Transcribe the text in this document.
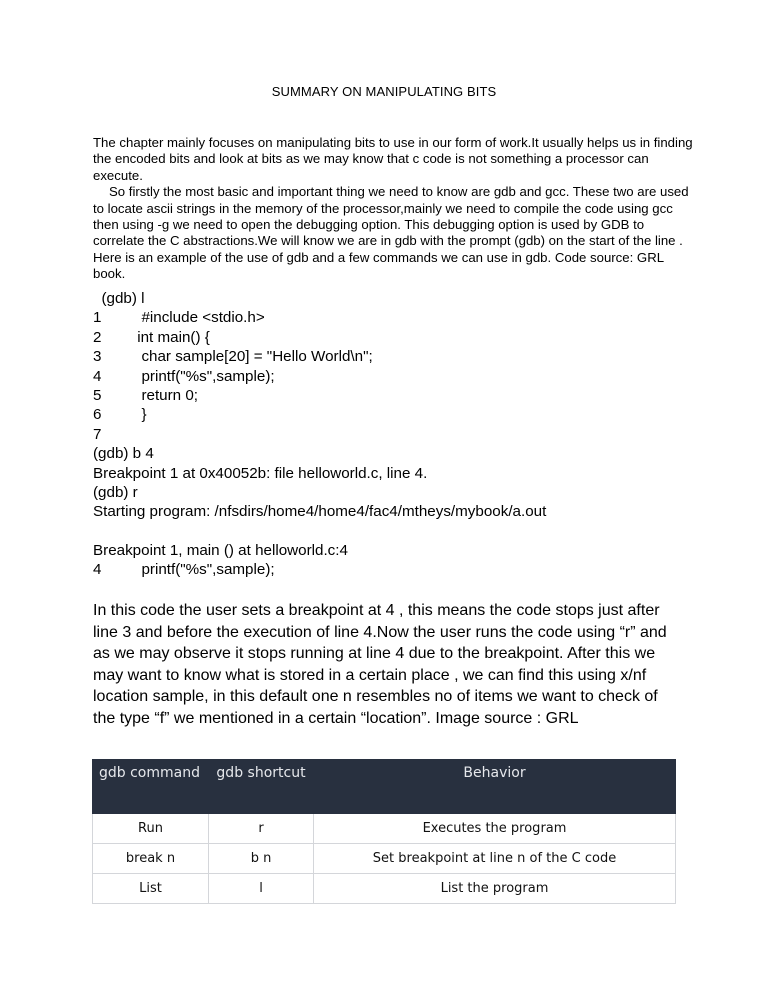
SUMMARY ON MANIPULATING BITS

The chapter mainly focuses on manipulating bits to use in our form of work.It usually helps us in finding the encoded bits and look at bits as we may know that c code is not something a processor can execute.

So firstly the most basic and important thing we need to know are gdb and gcc. These two are used to locate ascii strings in the memory of the processor,mainly we need to compile the code using gcc then using -g we need to open the debugging option. This debugging option is used by GDB to correlate the C abstractions.We will know we are in gdb with the prompt (gdb) on the start of the line . Here is an example of the use of gdb and a few commands we can use in gdb. Code source: GRL book.

(gdb) l
1  #include <stdio.h>
2 int main() {
3  char sample[20] = "Hello World\n";
4  printf("%s",sample);
5  return 0;
6  }
7
(gdb) b 4
Breakpoint 1 at 0x40052b: file helloworld.c, line 4.
(gdb) r
Starting program: /nfsdirs/home4/home4/fac4/mtheys/mybook/a.out
Breakpoint 1, main () at helloworld.c:4
4  printf("%s",sample);

In this code the user sets a breakpoint at 4 , this means the code stops just after line 3 and before the execution of line 4.Now the user runs the code using “r” and as we may observe it stops running at line 4 due to the breakpoint. After this we may want to know what is stored in a certain place , we can find this using x/nf location sample, in this default one n resembles no of items we want to check of the type “f” we mentioned in a certain “location”. Image source : GRL

gdb command	gdb shortcut	Behavior
Run	r	Executes the program
break n	b n	Set breakpoint at line n of the C code
List	l	List the program
